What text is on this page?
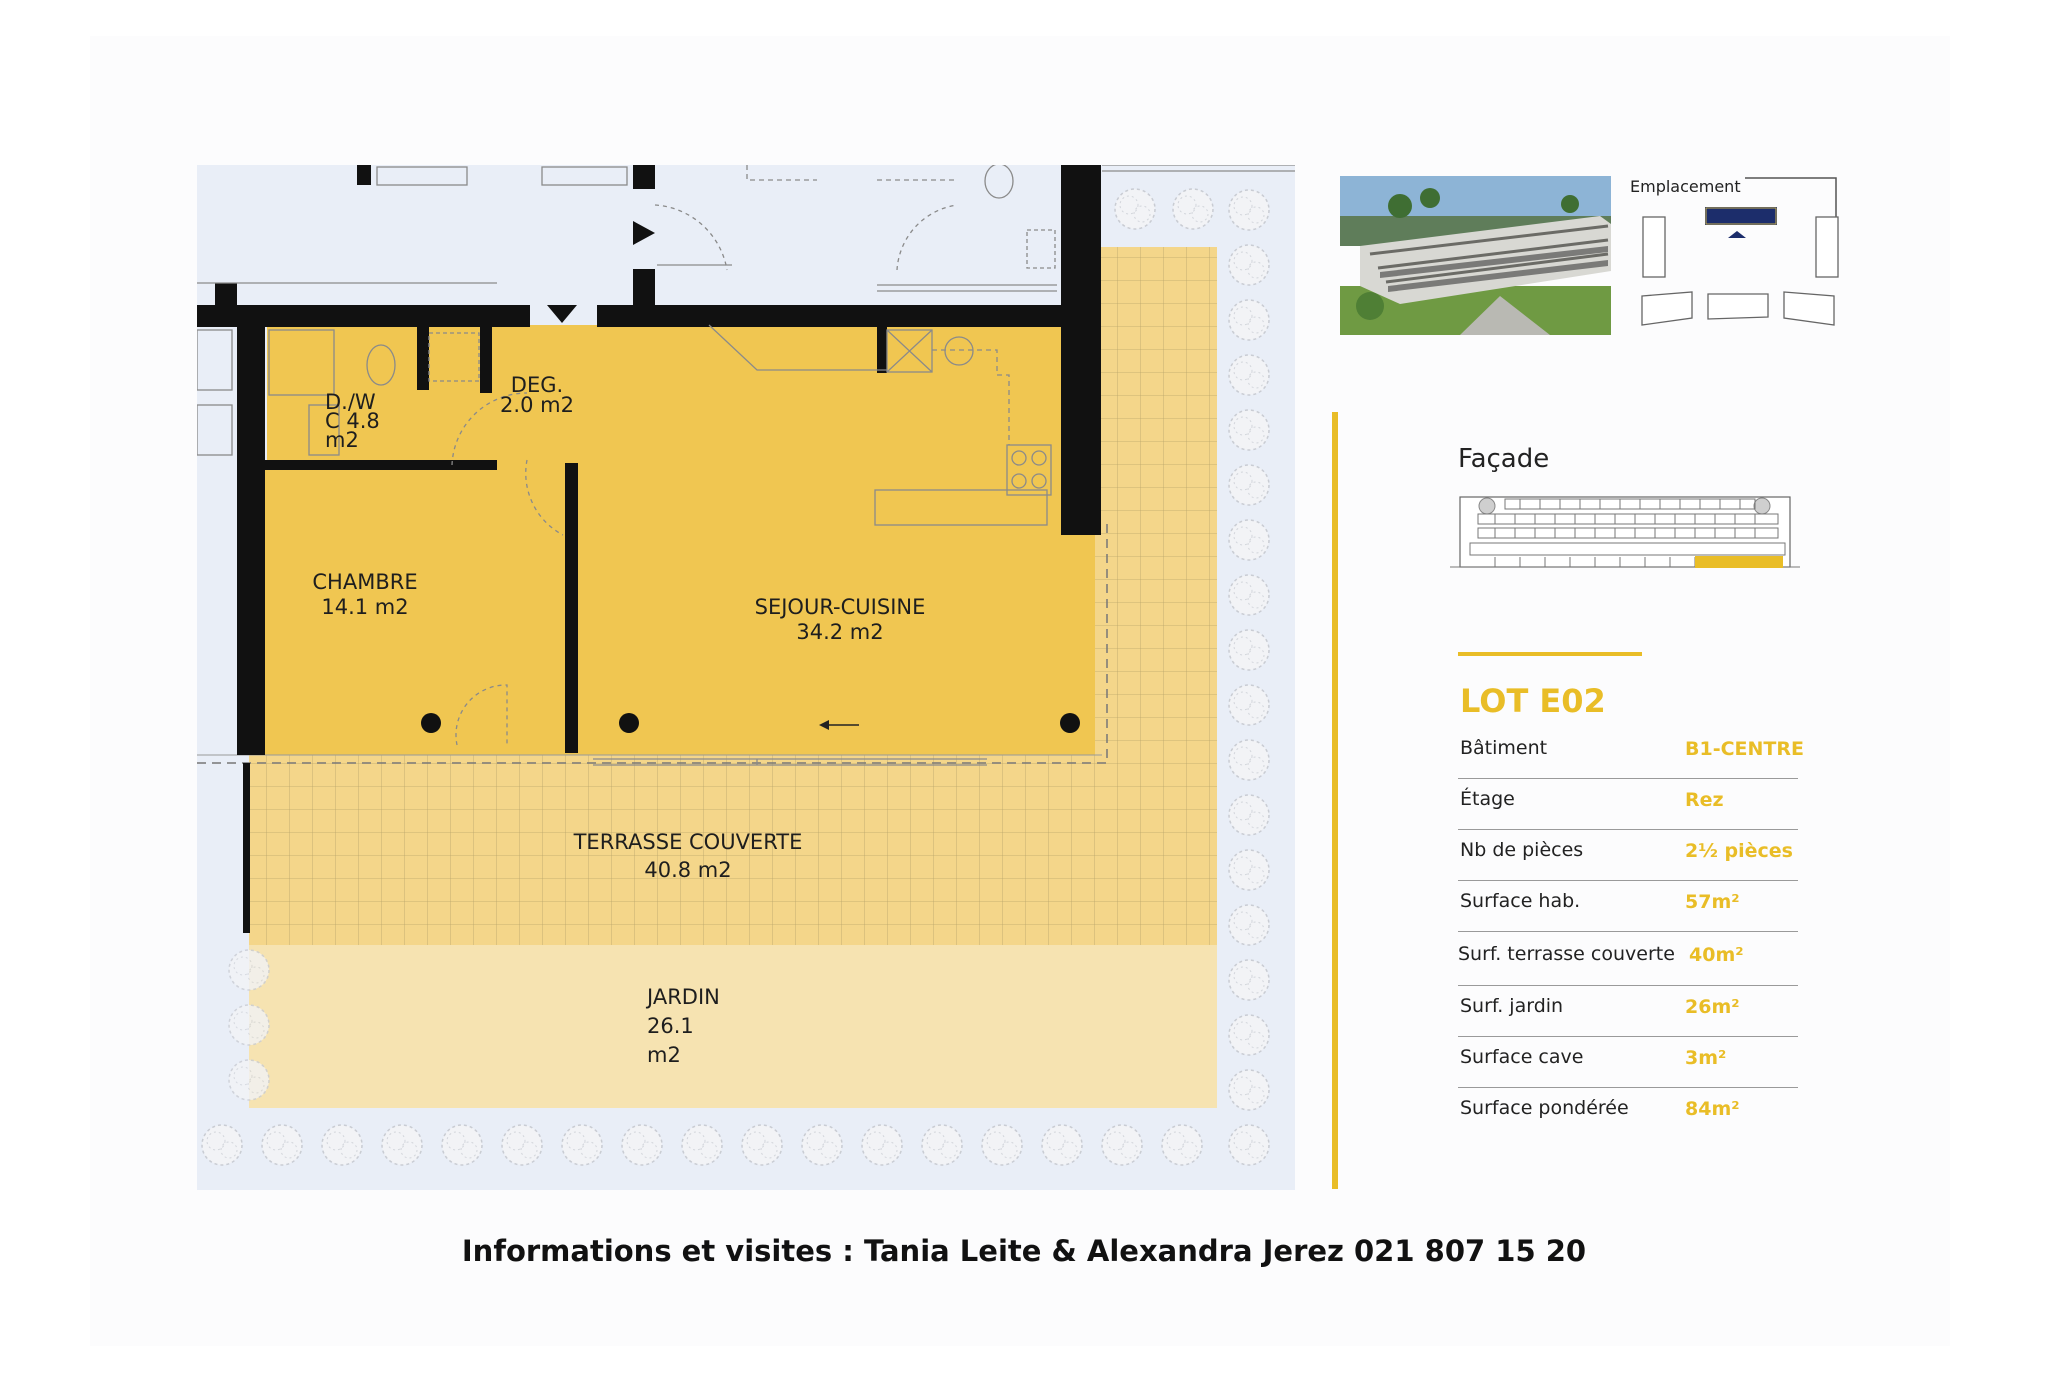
D./W
C 4.8
m2
DEG.
2.0 m2
CHAMBRE
14.1 m2	SEJOUR-CUISINE
34.2 m2
TERRASSE COUVERTE
40.8 m2
JARDIN
26.1
m2
Emplacement
Façade
LOT E02
Bâtiment	B1-CENTRE
Étage	Rez
Nb de pièces	2½ pièces
Surface hab.	57m²
Surf. terrasse couverte 40m²
Surf. jardin	26m²
Surface cave	3m²
Surface pondérée	84m²
Informations et visites : Tania Leite & Alexandra Jerez 021 807 15 20
